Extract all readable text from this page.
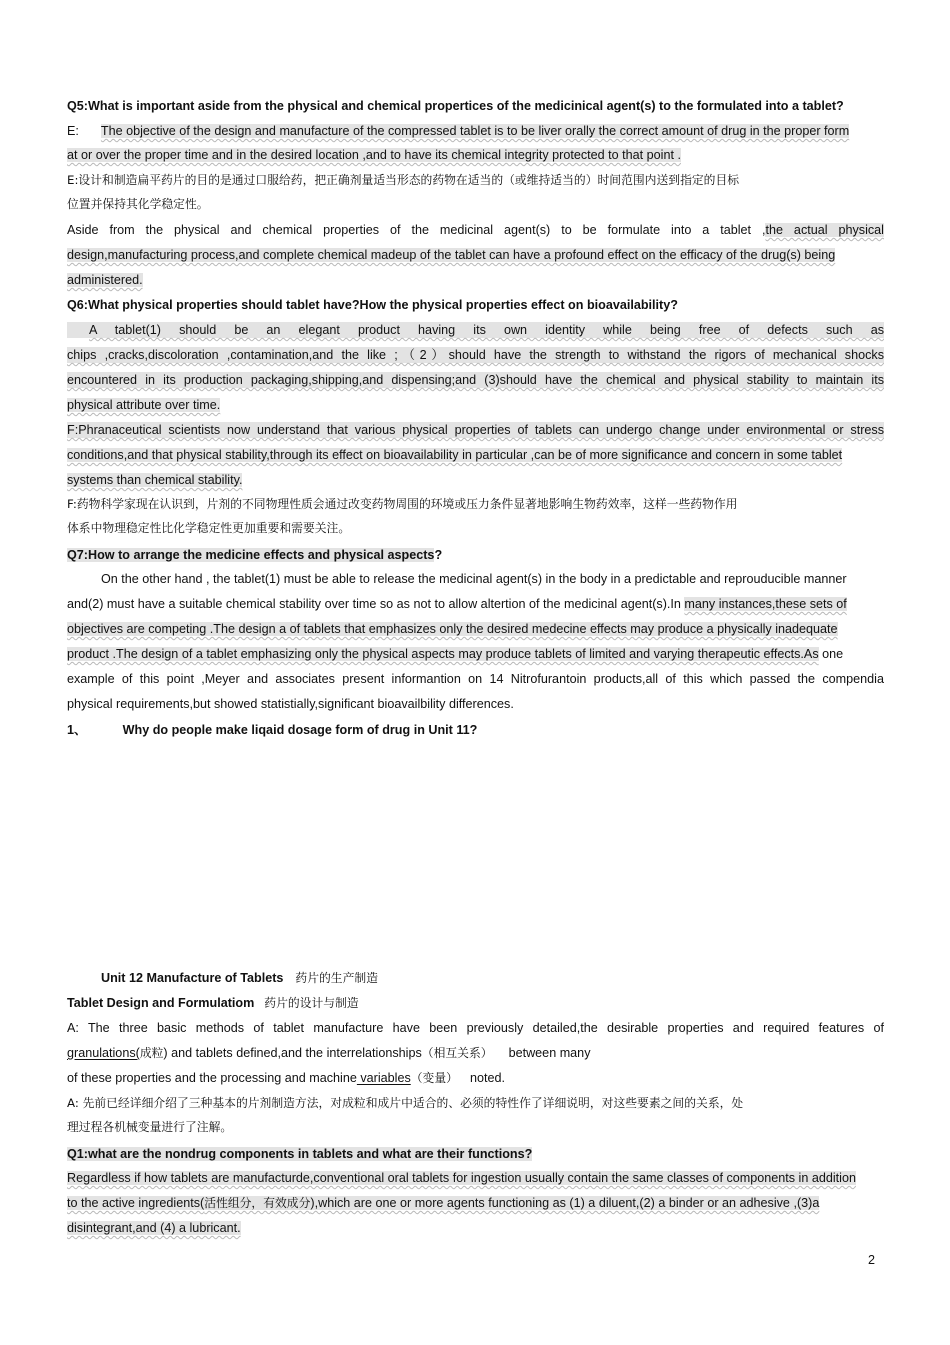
Q5:What is important aside from the physical and chemical propertices of the medicinical agent(s) to the formulated into a tablet?
E: The objective of the design and manufacture of the compressed tablet is to be liver orally the correct amount of drug in the proper form
at or over the proper time and in the desired location ,and to have its chemical integrity protected to that point .
E:设计和制造扁平药片的目的是通过口服给药，把正确剂量适当形态的药物在适当的（或维持适当的）时间范围内送到指定的目标
位置并保持其化学稳定性。
Aside from the physical and chemical properties of the medicinal agent(s) to be formulate into a tablet ,the actual physical
design,manufacturing process,and complete chemical madeup of the tablet can have a profound effect on the efficacy of the drug(s) being
administered.
Q6:What physical properties should tablet have?How the physical properties effect on bioavailability?
A tablet(1) should be an elegant product having its own identity while being free of defects such as
chips ,cracks,discoloration ,contamination,and the like ;（2）should have the strength to withstand the rigors of mechanical shocks
encountered in its production packaging,shipping,and dispensing;and (3)should have the chemical and physical stability to maintain its
physical attribute over time.
F:Phranaceutical scientists now understand that various physical properties of tablets can undergo change under environmental or stress
conditions,and that physical stability,through its effect on bioavailability in particular ,can be of more significance and concern in some tablet
systems than chemical stability.
F:药物科学家现在认识到，片剂的不同物理性质会通过改变药物周围的环境或压力条件显著地影响生物药效率，这样一些药物作用
体系中物理稳定性比化学稳定性更加重要和需要关注。
Q7:How to arrange the medicine effects and physical aspects?
On the other hand , the tablet(1) must be able to release the medicinal agent(s) in the body in a predictable and reprouducible manner
and(2) must have a suitable chemical stability over time so as not to allow altertion of the medicinal agent(s).In many instances,these sets of
objectives are competing .The design a of tablets that emphasizes only the desired medecine effects may produce a physically inadequate
product .The design of a tablet emphasizing only the physical aspects may produce tablets of limited and varying therapeutic effects.As one
example of this point ,Meyer and associates present informantion on 14 Nitrofurantoin products,all of this which passed the compendia
physical requirements,but showed statistially,significant bioavailbility differences.
1、	Why do people make liqaid dosage form of drug in Unit 11?
Unit 12 Manufacture of Tablets 药片的生产制造
Tablet Design and Formulatiom 药片的设计与制造
A: The three basic methods of tablet manufacture have been previously detailed,the desirable properties and required features of
granulations(成粒) and tablets defined,and the interrelationships（相互关系） between many
of these properties and the processing and machine variables（变量） noted.
A: 先前已经详细介绍了三种基本的片剂制造方法，对成粒和成片中适合的、必须的特性作了详细说明，对这些要素之间的关系，处
理过程各机械变量进行了注解。
Q1:what are the nondrug components in tablets and what are their functions?
Regardless if how tablets are manufacturde,conventional oral tablets for ingestion usually contain the same classes of components in addition
to the active ingredients(活性组分，有效成分),which are one or more agents functioning as (1) a diluent,(2) a binder or an adhesive ,(3)a
disintegrant,and (4) a lubricant.
2
